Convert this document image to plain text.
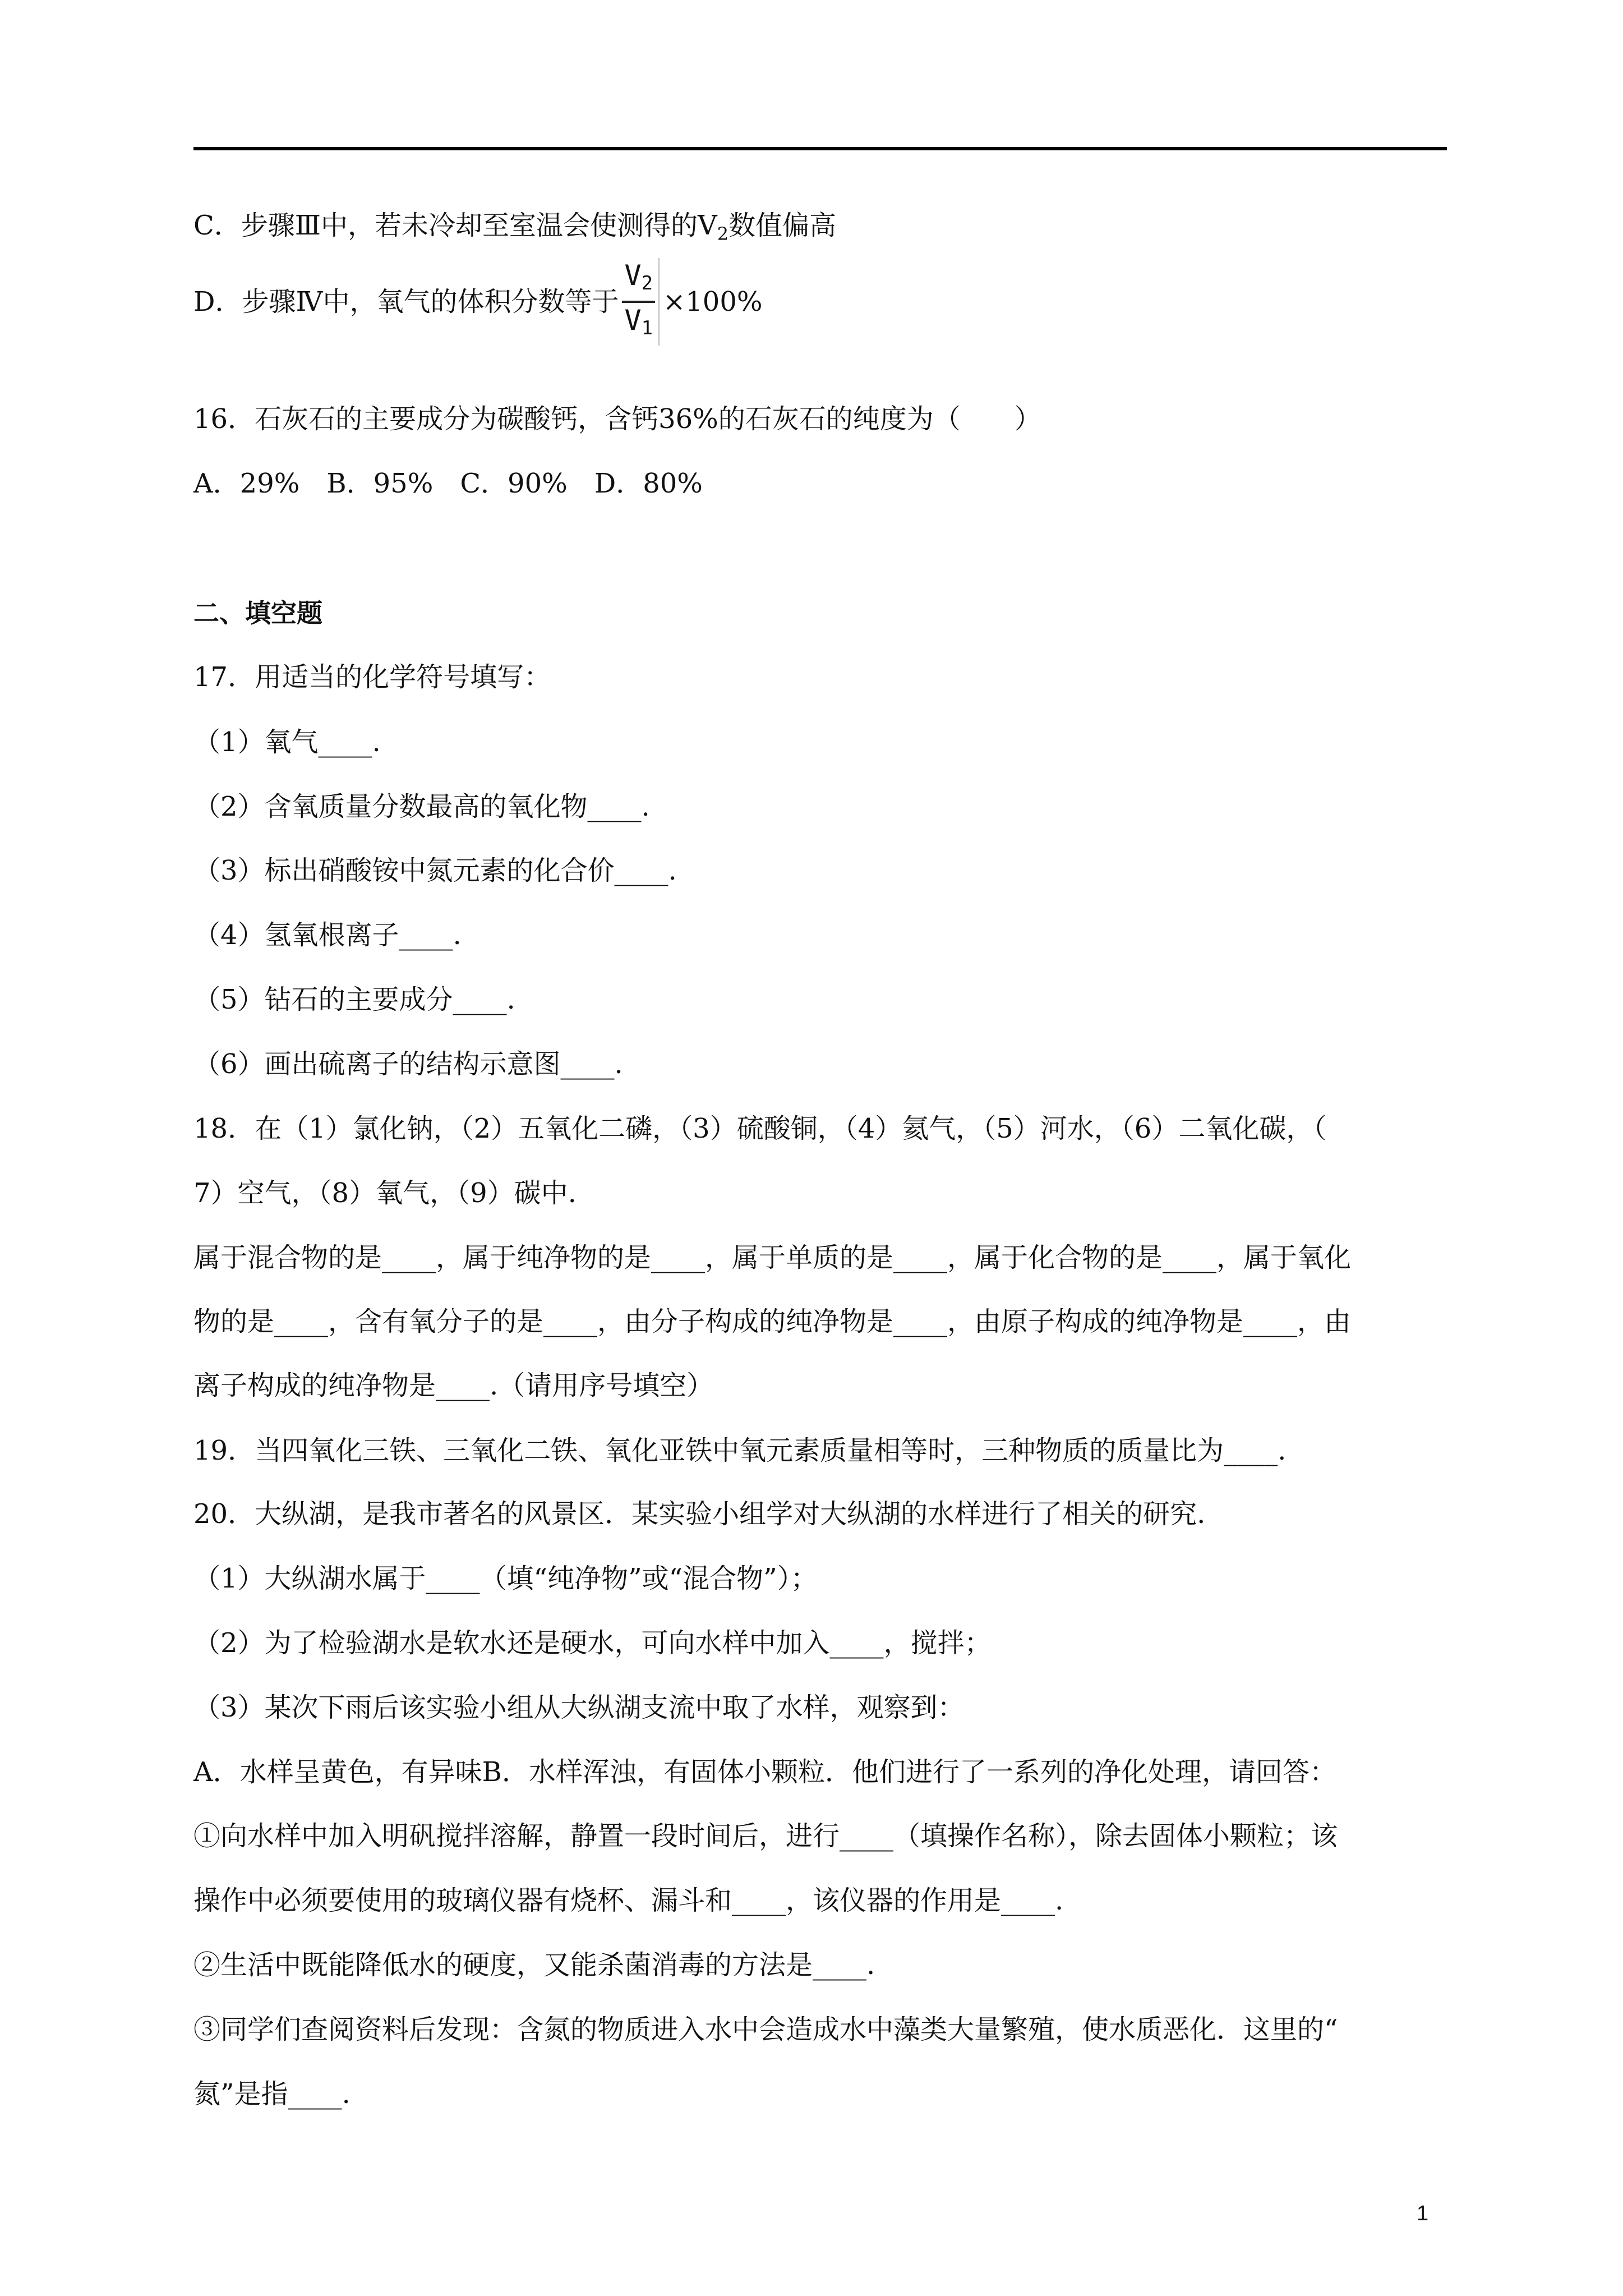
C．步骤Ⅲ中，若未冷却至室温会使测得的$V_2$数值偏高
D．步骤Ⅳ中，氧气的体积分数等于 $\frac{V_2}{V_1} \times 100\%$
16．石灰石的主要成分为碳酸钙，含钙36%的石灰石的纯度为（　　）
A．29%　B．95%　C．90%　D．80%
二、填空题
17．用适当的化学符号填写：
（1）氧气____.
（2）含氧质量分数最高的氧化物____.
（3）标出硝酸铵中氮元素的化合价____.
（4）氢氧根离子____.
（5）钻石的主要成分____.
（6）画出硫离子的结构示意图____.
18．在（1）氯化钠，（2）五氧化二磷，（3）硫酸铜，（4）氦气，（5）河水，（6）二氧化碳，（
7）空气，（8）氧气，（9）碳中.
属于混合物的是____，属于纯净物的是____，属于单质的是____，属于化合物的是____，属于氧化
物的是____，含有氧分子的是____，由分子构成的纯净物是____，由原子构成的纯净物是____，由
离子构成的纯净物是____.（请用序号填空）
19．当四氧化三铁、三氧化二铁、氧化亚铁中氧元素质量相等时，三种物质的质量比为____.
20．大纵湖，是我市著名的风景区．某实验小组学对大纵湖的水样进行了相关的研究.
（1）大纵湖水属于____（填“纯净物”或“混合物”）；
（2）为了检验湖水是软水还是硬水，可向水样中加入____，搅拌；
（3）某次下雨后该实验小组从大纵湖支流中取了水样，观察到：
A．水样呈黄色，有异味B．水样浑浊，有固体小颗粒．他们进行了一系列的净化处理，请回答：
①向水样中加入明矾搅拌溶解，静置一段时间后，进行____（填操作名称），除去固体小颗粒；该
操作中必须要使用的玻璃仪器有烧杯、漏斗和____，该仪器的作用是____.
②生活中既能降低水的硬度，又能杀菌消毒的方法是____.
③同学们查阅资料后发现：含氮的物质进入水中会造成水中藻类大量繁殖，使水质恶化．这里的“
氮”是指____.
1
